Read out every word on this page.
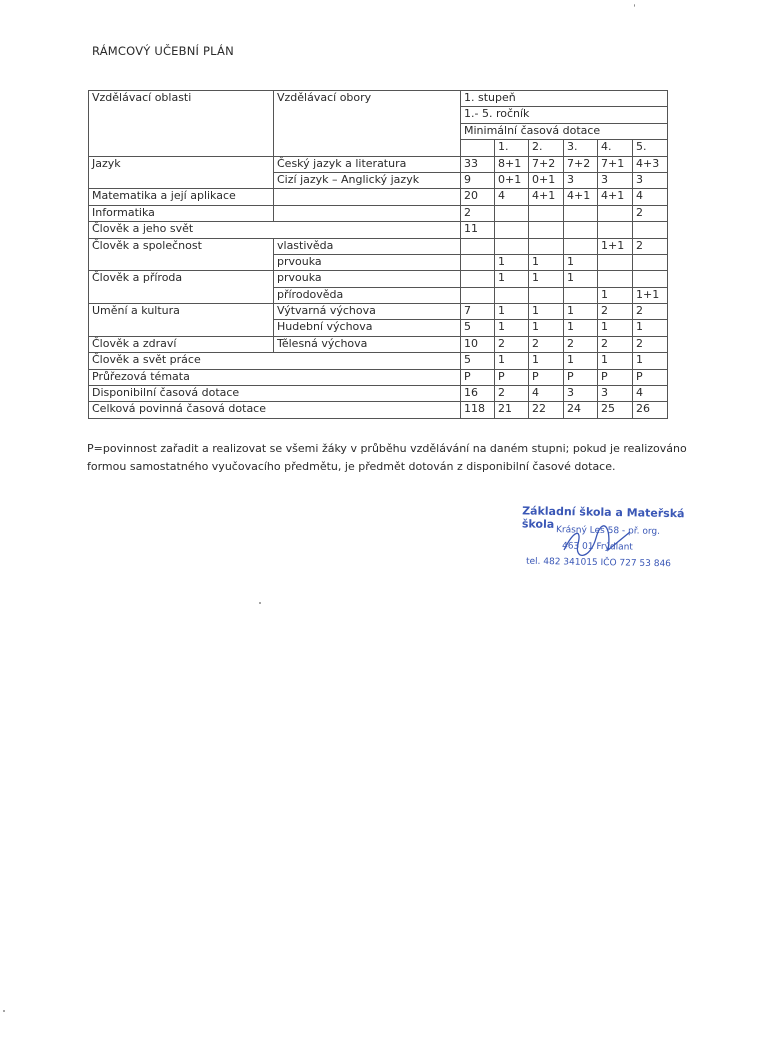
RÁMCOVÝ UČEBNÍ PLÁN
Vzdělávací oblasti	Vzdělávací obory	1. stupeň					
		1.- 5. ročník					
		Minimální časová dotace					
			1.	2.	3.	4.	5.
Jazyk	Český jazyk a literatura	33	8+1	7+2	7+2	7+1	4+3
	Cizí jazyk – Anglický jazyk	9	0+1	0+1	3	3	3
Matematika a její aplikace		20	4	4+1	4+1	4+1	4
Informatika		2					2
Člověk a jeho svět		11					
Člověk a společnost	vlastivěda					1+1	2
	prvouka		1	1	1		
Člověk a příroda	prvouka		1	1	1		
	přírodověda					1	1+1
Umění a kultura	Výtvarná výchova	7	1	1	1	2	2
	Hudební výchova	5	1	1	1	1	1
Člověk a zdraví	Tělesná výchova	10	2	2	2	2	2
Člověk a svět práce		5	1	1	1	1	1
Průřezová témata		P	P	P	P	P	P
Disponibilní časová dotace		16	2	4	3	3	4
Celková povinná časová dotace		118	21	22	24	25	26
P=povinnost zařadit a realizovat se všemi žáky v průběhu vzdělávání na daném stupni; pokud je realizováno formou samostatného vyučovacího předmětu, je předmět dotován z disponibilní časové dotace.
Základní škola a Mateřská škola
Krásný Les 58 - př. org.
463 01 Frýdlant
tel. 482 341015 IČO 727 53 846
